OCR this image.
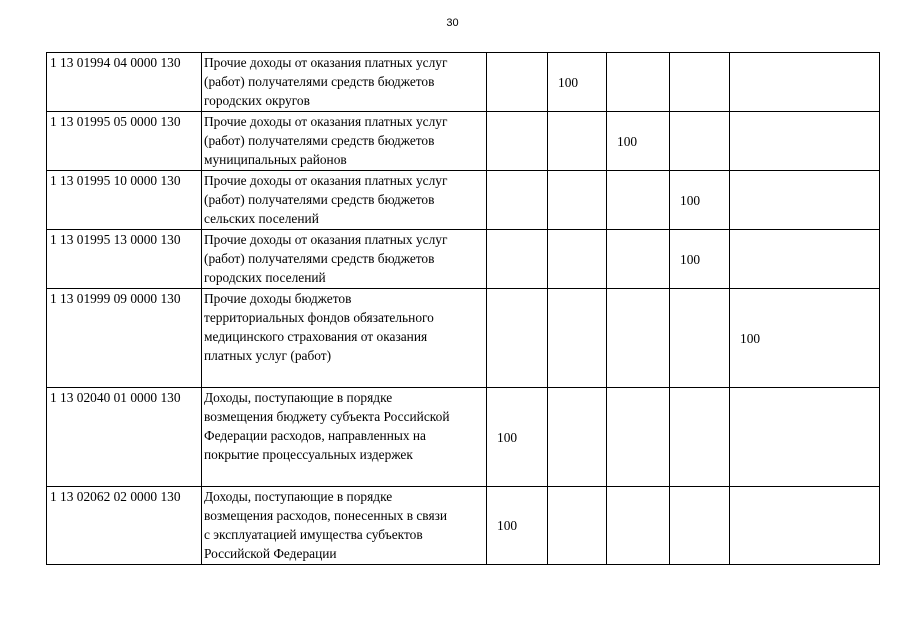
30
1 13 01994 04 0000 130	Прочие доходы от оказания платных услуг
(работ) получателями средств бюджетов
городских округов		100			
1 13 01995 05 0000 130	Прочие доходы от оказания платных услуг
(работ) получателями средств бюджетов
муниципальных районов			100		
1 13 01995 10 0000 130	Прочие доходы от оказания платных услуг
(работ) получателями средств бюджетов
сельских поселений				100	
1 13 01995 13 0000 130	Прочие доходы от оказания платных услуг
(работ) получателями средств бюджетов
городских поселений				100	
1 13 01999 09 0000 130	Прочие доходы бюджетов
территориальных фондов обязательного
медицинского страхования от оказания
платных услуг (работ)					100
1 13 02040 01 0000 130	Доходы, поступающие в порядке
возмещения бюджету субъекта Российской
Федерации расходов, направленных на
покрытие процессуальных издержек	100				
1 13 02062 02 0000 130	Доходы, поступающие в порядке
возмещения расходов, понесенных в связи
с эксплуатацией имущества субъектов
Российской Федерации	100				
